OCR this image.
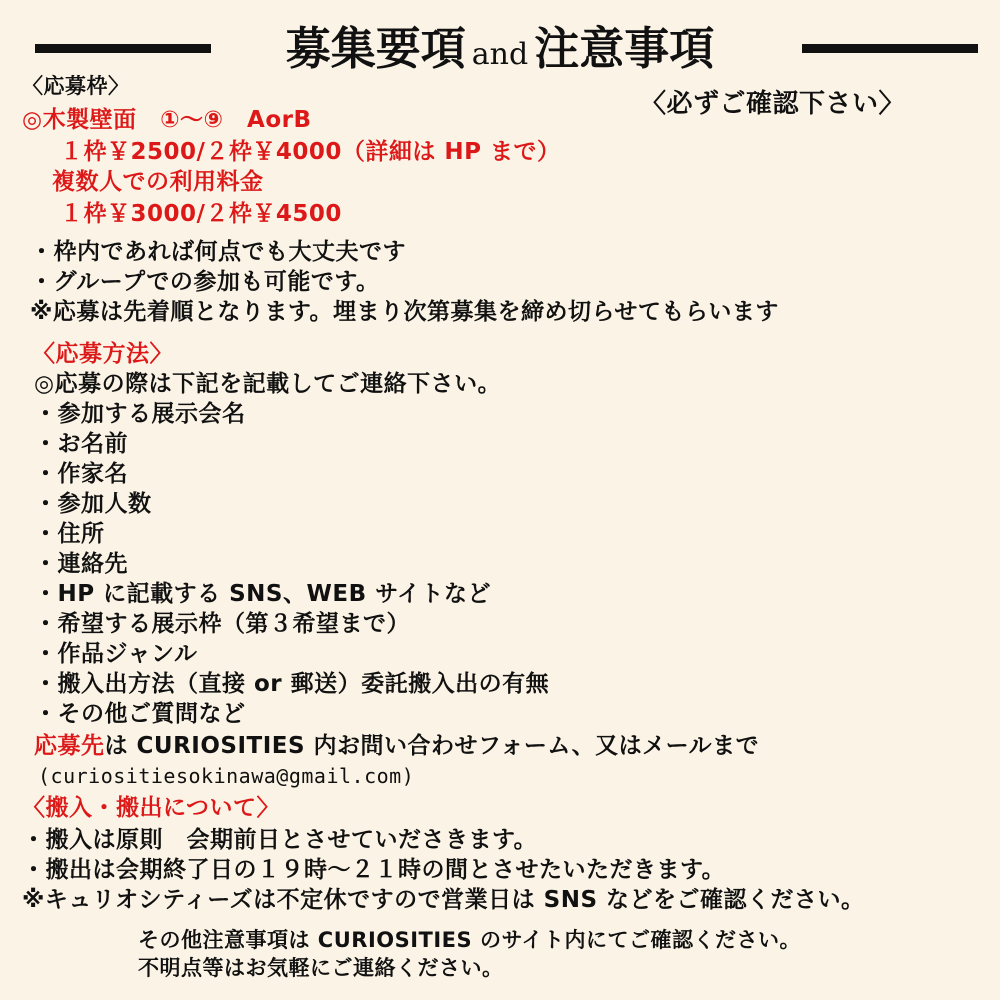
募集要項 and 注意事項
〈必ずご確認下さい〉
〈応募枠〉
◎木製壁面　①〜⑨　AorB
１枠￥2500/２枠￥4000（詳細は HP まで）
複数人での利用料金
１枠￥3000/２枠￥4500
・枠内であれば何点でも大丈夫です
・グループでの参加も可能です。
※応募は先着順となります。埋まり次第募集を締め切らせてもらいます
〈応募方法〉
◎応募の際は下記を記載してご連絡下さい。
・参加する展示会名
・お名前
・作家名
・参加人数
・住所
・連絡先
・HP に記載する SNS、WEB サイトなど
・希望する展示枠（第３希望まで）
・作品ジャンル
・搬入出方法（直接 or 郵送）委託搬入出の有無
・その他ご質問など
応募先は CURIOSITIES 内お問い合わせフォーム、又はメールまで
(curiositiesokinawa@gmail.com)
〈搬入・搬出について〉
・搬入は原則　会期前日とさせていださきます。
・搬出は会期終了日の１９時〜２１時の間とさせたいただきます。
※キュリオシティーズは不定休ですので営業日は SNS などをご確認ください。
その他注意事項は CURIOSITIES のサイト内にてご確認ください。
不明点等はお気軽にご連絡ください。
